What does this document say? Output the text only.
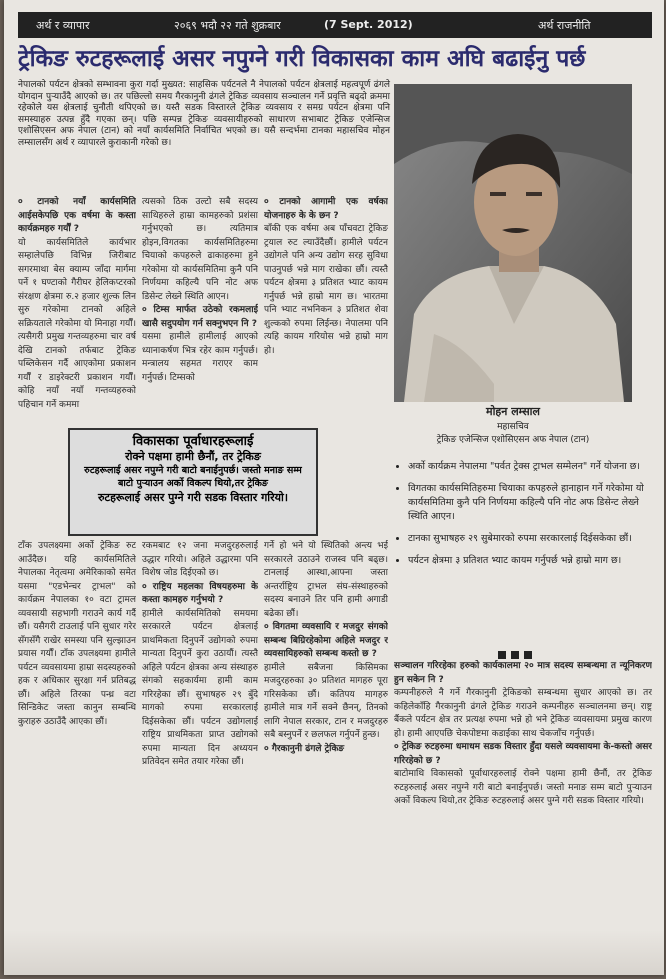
अर्थ र व्यापार	२०६९ भदौ २२ गते शुक्रबार	(7 Sept. 2012)	अर्थ राजनीति
ट्रेकिङ रुटहरूलाई असर नपुग्ने गरी विकासका काम अघि बढाईनु पर्छ
नेपालको पर्यटन क्षेत्रको सम्भावना कुरा गर्दा मुख्यत: साहसिक पर्यटनले नै नेपालको पर्यटन क्षेत्रलाई महत्वपूर्ण ढंगले योगदान पुर्‍याउँदै आएको छ। तर पछिल्लो समय गैरकानुनी ढंगले ट्रेकिङ व्यवसाय सञ्चालन गर्ने प्रवृत्ति बढ्दो क्रममा रहेकोले यस क्षेत्रलाई चुनौती थपिएको छ। यस्तै सडक विस्तारले ट्रेकिङ व्यवसाय र समग्र पर्यटन क्षेत्रमा पनि समस्याहरु उत्पन्न हुँदै गएका छन्। पछि सम्पन्न ट्रेकिङ व्यवसायीहरुको साधारण सभाबाट ट्रेकिङ एजेन्सिज एशोसिएसन अफ नेपाल (टान) को नयाँ कार्यसमिति निर्वाचित भएको छ। यसै सन्दर्भमा टानका महासचिव मोहन लम्सालसँग अर्थ र व्यापारले कुराकानी गरेको छ।
मोहन लम्साल
महासचिव
ट्रेकिङ एजेन्सिज एशोसिएसन अफ नेपाल (टान)
० टानको नयाँ कार्यसमिति आईसकेपछि एक वर्षमा के कस्ता कार्यक्रमहरु गर्यौं ?
यो कार्यसमितिले कार्यभार सम्हालेपछि विभिन्न जिरीबाट सगरमाथा बेस क्याम्प जाँदा मार्गमा पर्ने १ घण्टाको गैरीघर हेलिकप्टरको संरक्षण क्षेत्रमा रु.२ हजार शुल्क लिन सुरु गरेकोमा टानको अहिले सक्रियताले गरेकोमा यो मिनाहा गर्यौं। त्यसैगरी प्रमुख गन्तव्यहरुमा चार वर्ष देखि टानको तर्फबाट ट्रेकिङ पब्लिकेसन गर्दै आएकोमा प्रकाशन गर्यौं र डाइरेक्टरी प्रकाशन गर्यौं। कोहि नयाँ नयाँ गन्तव्यहरुको पहिचान गर्ने कममा
त्यसको ठिक उल्टो सबै सदस्य साथिहरुले हाम्रा कामहरुको प्रशंसा गर्नुभएको छ। त्यतिमात्र होइन,विगतका कार्यसमितिहरुमा चियाको कपहरुले ढाकाहरुमा हुने गरेकोमा यो कार्यसमितिमा कुनै पनि निर्णयमा कहिल्यै पनि नोट अफ डिसेन्ट लेख्ने स्थिति आएन।
० टिम्स मार्फत उठेको रकमलाई खासै सदुपयोग गर्न सक्नुभएन नि ?
यसमा हामीले हामीलाई आएको ध्यानाकर्षण भित्र रहेर काम गर्नुपर्छ। मन्त्रालय सहमत गराएर काम गर्नुपर्छ। टिम्सको
० टानको आगामी एक वर्षका योजनाहरु के के छन ?
बाँकी एक वर्षमा अब पाँचवटा ट्रेकिङ ट्रयाल रुट ल्याउँदैछौं। हामीले पर्यटन उद्योगले पनि अन्य उद्योग सरह सुविधा पाउनुपर्छ भन्ने माग राखेका छौं। त्यस्तै पर्यटन क्षेत्रमा ३ प्रतिशत भ्याट कायम गर्नुपर्छ भन्ने हाम्रो माग छ। भारतमा पनि भ्याट नभनिकन ३ प्रतिशत शेवा शुल्कको रुपमा लिईन्छ। नेपालमा पनि त्यहि कायम गरियोस भन्ने हाम्रो माग हो।
विकासका पूर्वाधारहरूलाई
रोक्ने पक्षमा हामी छैनौं, तर ट्रेकिङ
रुटहरूलाई असर नपुग्ने गरी बाटो बनाईनुपर्छ। जस्तो मनाङ सम्म बाटो पुर्‍याउन अर्को विकल्प थियो,तर ट्रेकिङ
रुटहरूलाई असर पुग्ने गरी सडक विस्तार गरियो।
• अर्को कार्यक्रम नेपालमा "पर्वत ट्रेक्स ट्राभल सम्मेलन" गर्ने योजना छ।
• विगतका कार्यसमितिहरुमा चियाका कपहरुले हानाहान गर्ने गरेकोमा यो कार्यसमितिमा कुनै पनि निर्णयमा कहिल्यै पनि नोट अफ डिसेन्ट लेख्ने स्थिति आएन।
• टानका सुभाषहरु २९ सुबेमारको रुपमा सरकारलाई दिईसकेका छौं।
• पर्यटन क्षेत्रमा ३ प्रतिशत भ्याट कायम गर्नुपर्छ भन्ने हाम्रो माग छ।
टाँक उपलक्ष्यमा अर्को ट्रेकिङ रुट आउँदैछ। यहि कार्यसमितिले नेपालका नेतृत्वमा अमेरिकाको समेत यसमा "एडभेन्चर ट्राभल" को कार्यक्रम नेपालका १० वटा ट्रामल व्यवसायी सहभागी गराउने कार्य गर्दै छौं। यसैगरी टाउलाई पनि सुधार गरेर सँगसँगै राखेर समस्या पनि सुल्झाउन प्रयास गर्यौं। टाँक उपलक्ष्यमा हामीले पर्यटन व्यवसायमा हाम्रा सदस्यहरुको हक र अधिकार सुरक्षा गर्न प्रतिबद्ध छौं। अहिले तिरका पन्ध्र वटा सिन्डिकेट जस्ता कानुन सम्बन्धि कुराहरु उठाउँदै आएका छौं।
रकमबाट १२ जना मजदुरहरुलाई उद्धार गरियो। अहिले उद्धारमा पनि विशेष जोड दिईएको छ।
० राष्ट्रिय महलका विषयहरुमा के कस्ता कामहरु गर्नुभयो ?
हामीले कार्यसमितिको समयमा सरकारले पर्यटन क्षेत्रलाई प्राथमिकता दिनुपर्ने उद्योगको रुपमा मान्यता दिनुपर्ने कुरा उठायौं। त्यस्तै अहिले पर्यटन क्षेत्रका अन्य संस्थाहरु संगको सहकार्यमा हामी काम गरिरहेका छौं। सुभाषहरु २९ बुँदे मागको रुपमा सरकारलाई दिईसकेका छौं। पर्यटन उद्योगलाई राष्ट्रिय प्राथमिकता प्राप्त उद्योगको रुपमा मान्यता दिन अध्ययन प्रतिवेदन समेत तयार गरेका छौं।
गर्ने हो भने यो स्थितिको अन्त्य भई सरकारले उठाउने राजस्व पनि बढ्छ। टानलाई आस्था,आफ्ना जस्ता अन्तर्राष्ट्रिय ट्राभल संघ-संस्थाहरुको सदस्य बनाउने तिर पनि हामी अगाडी बढेका छौं।
० विगतमा व्यवसायि र मजदुर संगको सम्बन्ध बिग्रिरहेकोमा अहिले मजदुर र व्यवसायिहरुको सम्बन्ध कस्तो छ ?
हामीले सबैजना किसिमका मजदुरहरुका ३० प्रतिशत मागहरु पूरा गरिसकेका छौं। कतिपय मागहरु हामीले मात्र गर्ने सक्ने छैनन्, तिनको लागि नेपाल सरकार, टान र मजदुरहरु सबै बस्नुपर्ने र छलफल गर्नुपर्ने हुन्छ।
० गैरकानुनी ढंगले ट्रेकिङ
सञ्चालन गरिरहेका हरुको कार्यकालमा २० मात्र सदस्य सम्बन्धमा त न्यूनिकरण हुन सकेन नि ?
कम्पनीहरुले नै गर्ने गैरकानुनी ट्रेकिङको सम्बन्धमा सुधार आएको छ। तर कहिलेकाँहि गैरकानुनी ढंगले ट्रेकिङ गराउने कम्पनीहरु सञ्चालनमा छन्। राष्ट्र बैंकले पर्यटन क्षेत्र तर प्रत्यक्ष रुपमा भन्ने हो भने ट्रेकिङ व्यवसायमा प्रमुख कारण हो। हामी आएपछि चेकपोष्टमा कडाईका साथ चेकजाँच गर्नुपर्छ।
० ट्रेकिङ रुटहरुमा धमाधम सडक विस्तार हुँदा यसले व्यवसायमा के-कस्तो असर गरिरहेको छ ?
बाटोमाथि विकासको पूर्वाधारहरुलाई रोक्ने पक्षमा हामी छैनौं, तर ट्रेकिङ रुटहरुलाई असर नपुग्ने गरी बाटो बनाईनुपर्छ। जस्तो मनाङ सम्म बाटो पुर्‍याउन अर्को विकल्प थियो,तर ट्रेकिङ रुटहरुलाई असर पुग्ने गरी सडक विस्तार गरियो।
